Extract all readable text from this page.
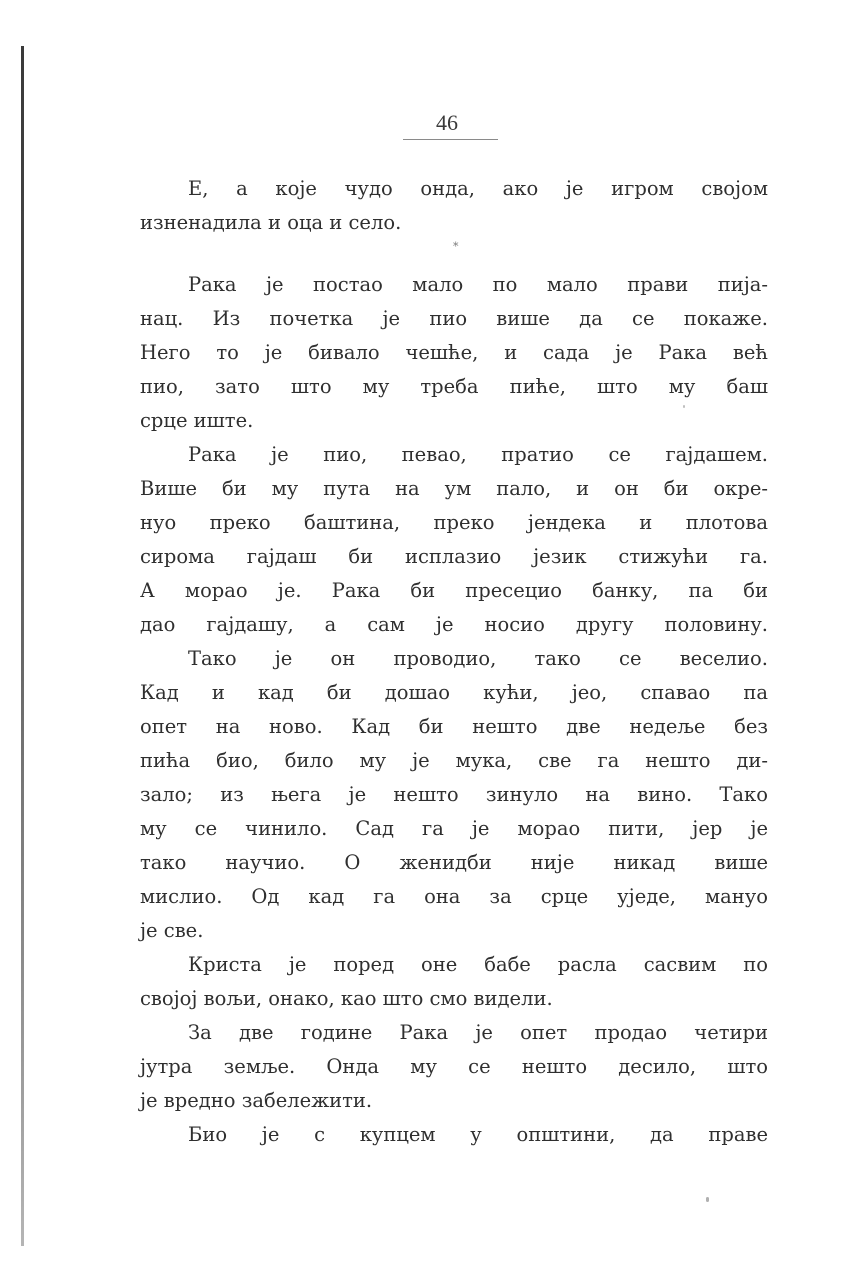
46
Е, а које чудо онда, ако је игром својом
изненадила и оца и село.
*
Рака је постао мало по мало прави пија-
нац. Из почетка је пио више да се покаже.
Него то је бивало чешће, и сада је Рака већ
пио, зато што му треба пиће, што му баш
срце иште.
Рака је пио, певао, пратио се гајдашем.
Више би му пута на ум пало, и он би окре-
нуо преко баштина, преко јендека и плотова
сирома гајдаш би исплазио језик стижући га.
А морао је. Рака би пресецио банку, па би
дао гајдашу, а сам је носио другу половину.
Тако је он проводио, тако се веселио.
Кад и кад би дошао кући, јео, спавао па
опет на ново. Кад би нешто две недеље без
пића био, било му је мука, све га нешто ди-
зало; из њега је нешто зинуло на вино. Тако
му се чинило. Сад га је морао пити, јер је
тако научио. О женидби није никад више
мислио. Од кад га она за срце уједе, мануо
је све.
Криста је поред оне бабе расла сасвим по
својој вољи, онако, као што смо видели.
За две године Рака је опет продао четири
јутра земље. Онда му се нешто десило, што
је вредно забележити.
Био је с купцем у општини, да праве
